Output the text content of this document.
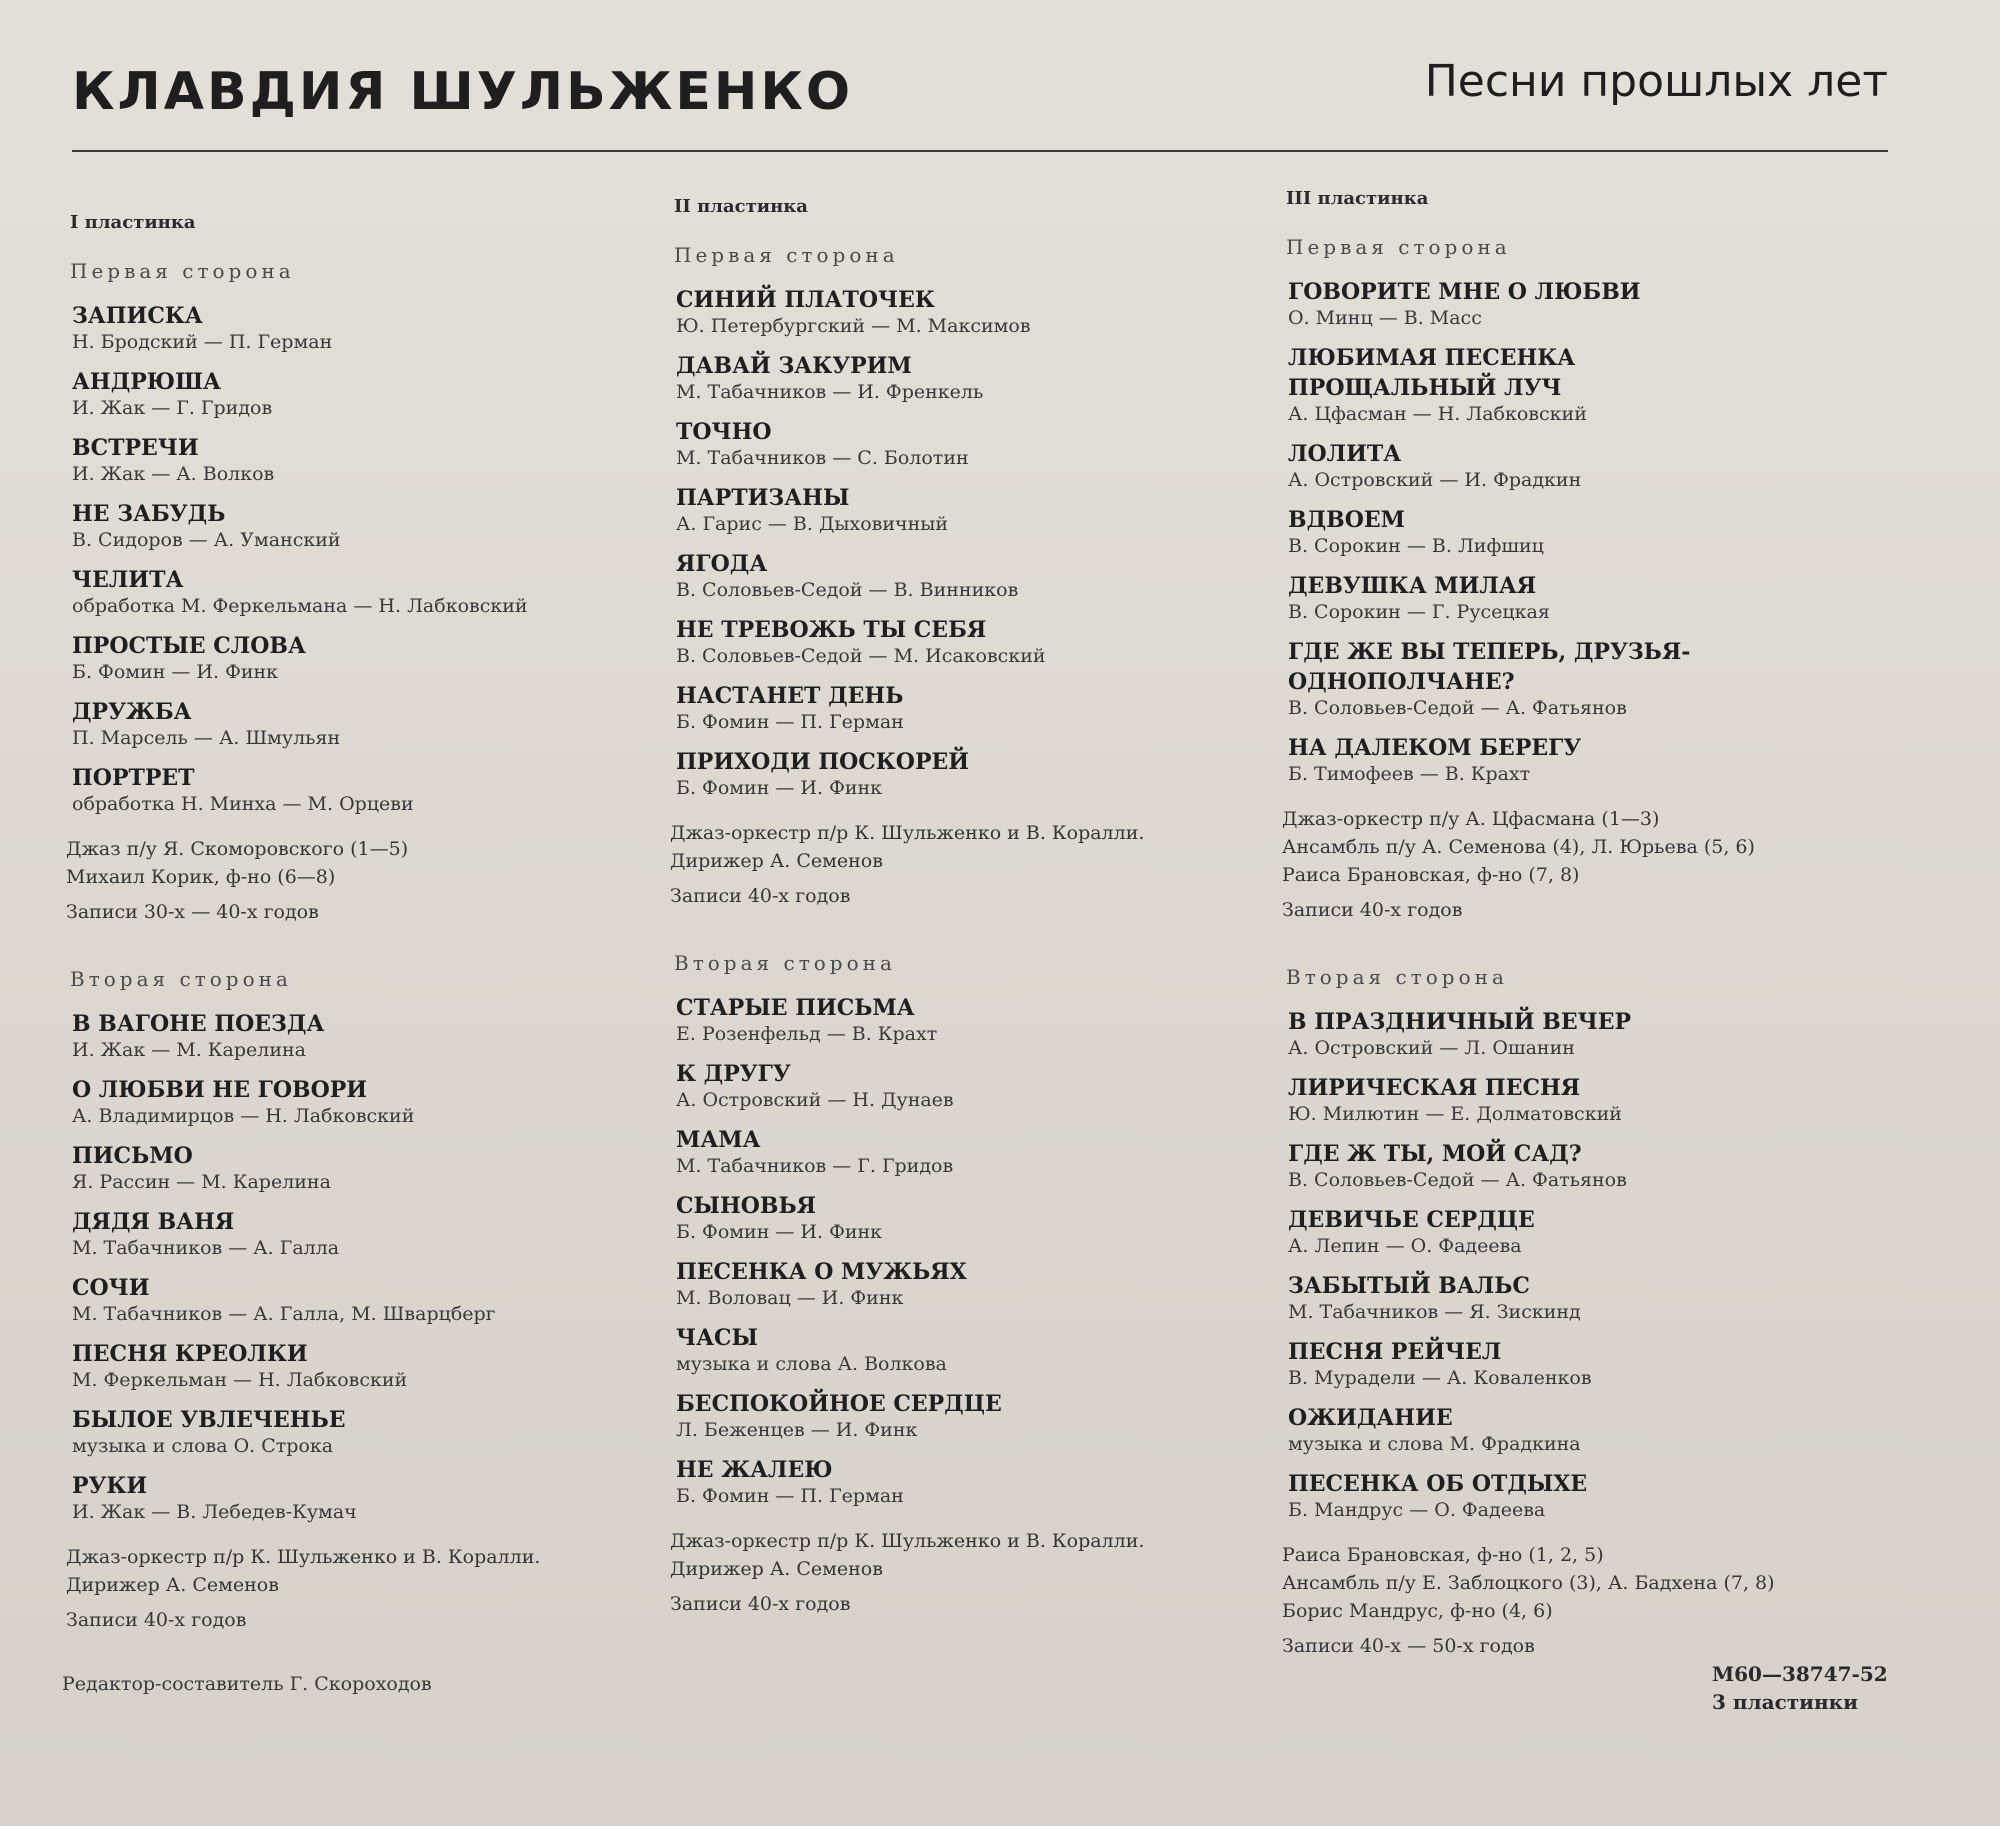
КЛАВДИЯ ШУЛЬЖЕНКО	Песни прошлых лет
I пластинка
Первая сторона
ЗАПИСКА
Н. Бродский — П. Герман
АНДРЮША
И. Жак — Г. Гридов
ВСТРЕЧИ
И. Жак — А. Волков
НЕ ЗАБУДЬ
В. Сидоров — А. Уманский
ЧЕЛИТА
обработка М. Феркельмана — Н. Лабковский
ПРОСТЫЕ СЛОВА
Б. Фомин — И. Финк
ДРУЖБА
П. Марсель — А. Шмульян
ПОРТРЕТ
обработка Н. Минха — М. Орцеви
Джаз п/у Я. Скоморовского (1—5)
Михаил Корик, ф-но (6—8)
Записи 30-х — 40-х годов
Вторая сторона
В ВАГОНЕ ПОЕЗДА
И. Жак — М. Карелина
О ЛЮБВИ НЕ ГОВОРИ
А. Владимирцов — Н. Лабковский
ПИСЬМО
Я. Рассин — М. Карелина
ДЯДЯ ВАНЯ
М. Табачников — А. Галла
СОЧИ
М. Табачников — А. Галла, М. Шварцберг
ПЕСНЯ КРЕОЛКИ
М. Феркельман — Н. Лабковский
БЫЛОЕ УВЛЕЧЕНЬЕ
музыка и слова О. Строка
РУКИ
И. Жак — В. Лебедев-Кумач
Джаз-оркестр п/р К. Шульженко и В. Коралли.
Дирижер А. Семенов
Записи 40-х годов
II пластинка
Первая сторона
СИНИЙ ПЛАТОЧЕК
Ю. Петербургский — М. Максимов
ДАВАЙ ЗАКУРИМ
М. Табачников — И. Френкель
ТОЧНО
М. Табачников — С. Болотин
ПАРТИЗАНЫ
А. Гарис — В. Дыховичный
ЯГОДА
В. Соловьев-Седой — В. Винников
НЕ ТРЕВОЖЬ ТЫ СЕБЯ
В. Соловьев-Седой — М. Исаковский
НАСТАНЕТ ДЕНЬ
Б. Фомин — П. Герман
ПРИХОДИ ПОСКОРЕЙ
Б. Фомин — И. Финк
Джаз-оркестр п/р К. Шульженко и В. Коралли.
Дирижер А. Семенов
Записи 40-х годов
Вторая сторона
СТАРЫЕ ПИСЬМА
Е. Розенфельд — В. Крахт
К ДРУГУ
А. Островский — Н. Дунаев
МАМА
М. Табачников — Г. Гридов
СЫНОВЬЯ
Б. Фомин — И. Финк
ПЕСЕНКА О МУЖЬЯХ
М. Воловац — И. Финк
ЧАСЫ
музыка и слова А. Волкова
БЕСПОКОЙНОЕ СЕРДЦЕ
Л. Беженцев — И. Финк
НЕ ЖАЛЕЮ
Б. Фомин — П. Герман
Джаз-оркестр п/р К. Шульженко и В. Коралли.
Дирижер А. Семенов
Записи 40-х годов
III пластинка
Первая сторона
ГОВОРИТЕ МНЕ О ЛЮБВИ
О. Минц — В. Масс
ЛЮБИМАЯ ПЕСЕНКА
ПРОЩАЛЬНЫЙ ЛУЧ
А. Цфасман — Н. Лабковский
ЛОЛИТА
А. Островский — И. Фрадкин
ВДВОЕМ
В. Сорокин — В. Лифшиц
ДЕВУШКА МИЛАЯ
В. Сорокин — Г. Русецкая
ГДЕ ЖЕ ВЫ ТЕПЕРЬ, ДРУЗЬЯ-ОДНОПОЛЧАНЕ?
В. Соловьев-Седой — А. Фатьянов
НА ДАЛЕКОМ БЕРЕГУ
Б. Тимофеев — В. Крахт
Джаз-оркестр п/у А. Цфасмана (1—3)
Ансамбль п/у А. Семенова (4), Л. Юрьева (5, 6)
Раиса Брановская, ф-но (7, 8)
Записи 40-х годов
Вторая сторона
В ПРАЗДНИЧНЫЙ ВЕЧЕР
А. Островский — Л. Ошанин
ЛИРИЧЕСКАЯ ПЕСНЯ
Ю. Милютин — Е. Долматовский
ГДЕ Ж ТЫ, МОЙ САД?
В. Соловьев-Седой — А. Фатьянов
ДЕВИЧЬЕ СЕРДЦЕ
А. Лепин — О. Фадеева
ЗАБЫТЫЙ ВАЛЬС
М. Табачников — Я. Зискинд
ПЕСНЯ РЕЙЧЕЛ
В. Мурадели — А. Коваленков
ОЖИДАНИЕ
музыка и слова М. Фрадкина
ПЕСЕНКА ОБ ОТДЫХЕ
Б. Мандрус — О. Фадеева
Раиса Брановская, ф-но (1, 2, 5)
Ансамбль п/у Е. Заблоцкого (3), А. Бадхена (7, 8)
Борис Мандрус, ф-но (4, 6)
Записи 40-х — 50-х годов
Редактор-составитель Г. Скороходов	М60—38747-52
3 пластинки
